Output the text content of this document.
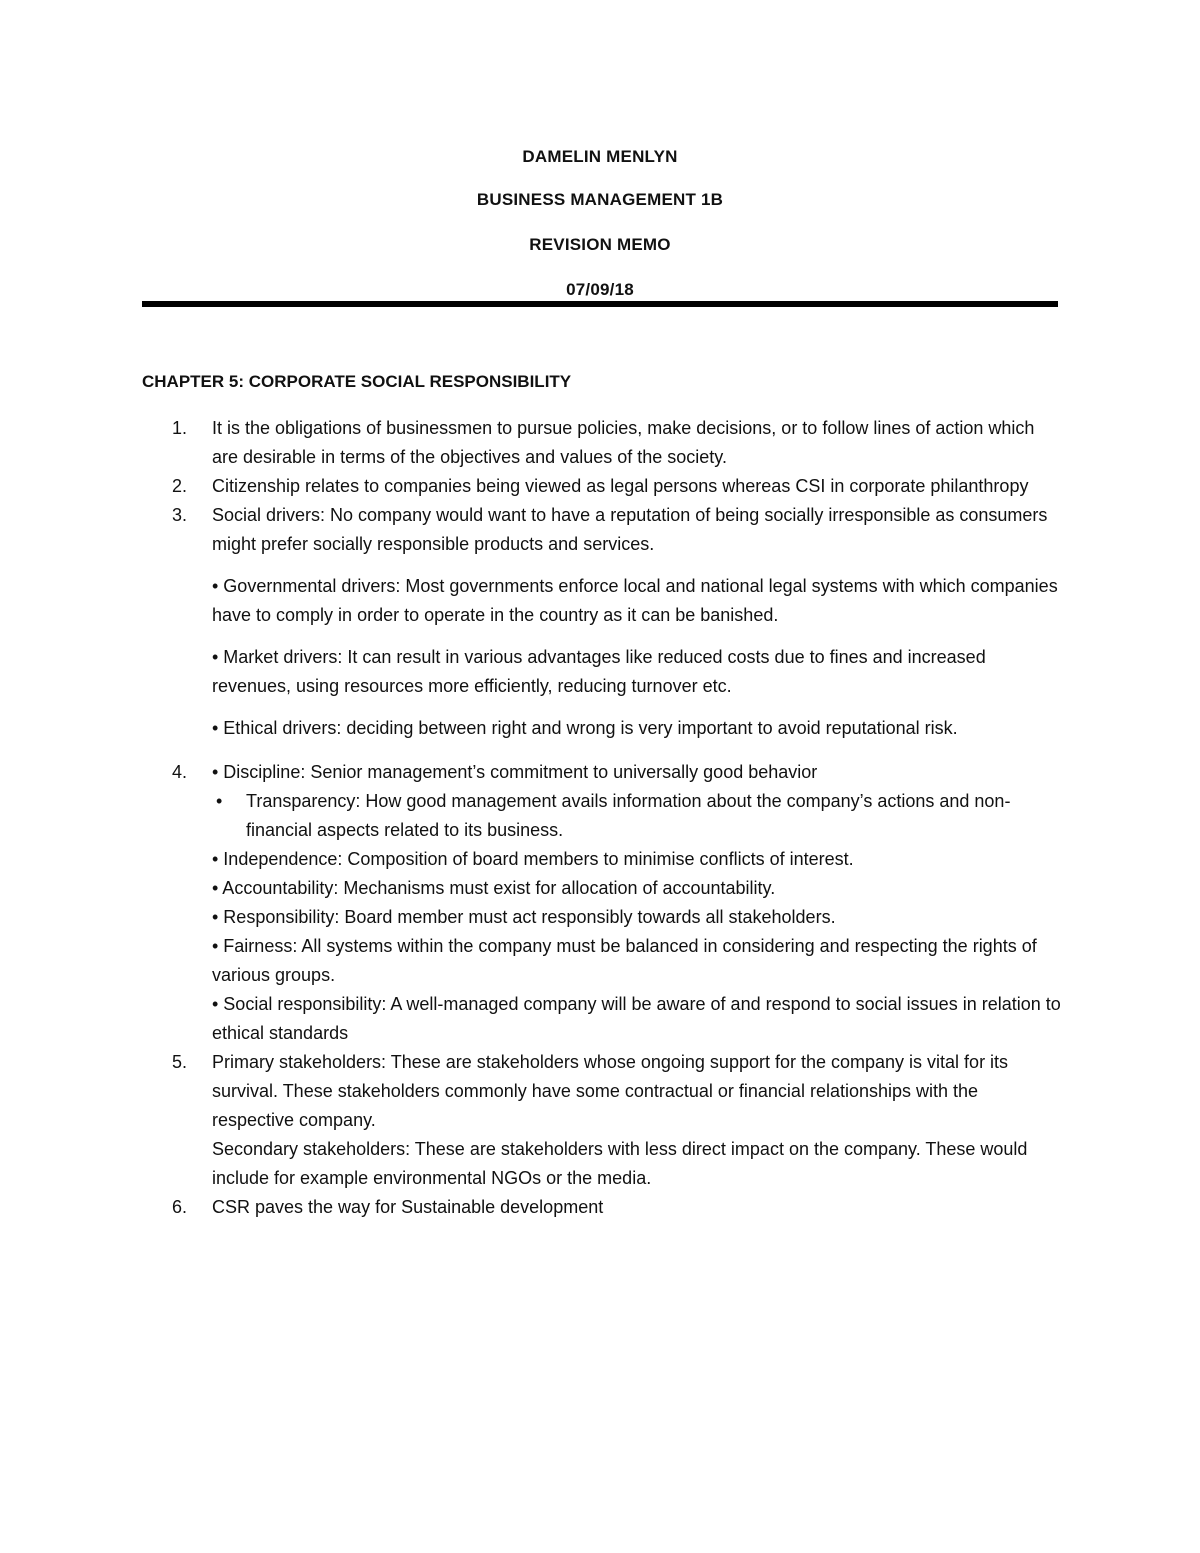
DAMELIN MENLYN
BUSINESS MANAGEMENT 1B
REVISION MEMO
07/09/18
CHAPTER 5: CORPORATE SOCIAL RESPONSIBILITY
1. It is the obligations of businessmen to pursue policies, make decisions, or to follow lines of action which are desirable in terms of the objectives and values of the society.
2. Citizenship relates to companies being viewed as legal persons whereas CSI in corporate philanthropy
3. Social drivers: No company would want to have a reputation of being socially irresponsible as consumers might prefer socially responsible products and services.
• Governmental drivers: Most governments enforce local and national legal systems with which companies have to comply in order to operate in the country as it can be banished.
• Market drivers: It can result in various advantages like reduced costs due to fines and increased revenues, using resources more efficiently, reducing turnover etc.
• Ethical drivers: deciding between right and wrong is very important to avoid reputational risk.
4. • Discipline: Senior management’s commitment to universally good behavior
• Transparency: How good management avails information about the company’s actions and non-financial aspects related to its business.
• Independence: Composition of board members to minimise conflicts of interest.
• Accountability: Mechanisms must exist for allocation of accountability.
• Responsibility: Board member must act responsibly towards all stakeholders.
• Fairness: All systems within the company must be balanced in considering and respecting the rights of various groups.
• Social responsibility: A well-managed company will be aware of and respond to social issues in relation to ethical standards
5. Primary stakeholders: These are stakeholders whose ongoing support for the company is vital for its survival. These stakeholders commonly have some contractual or financial relationships with the respective company.
Secondary stakeholders: These are stakeholders with less direct impact on the company. These would include for example environmental NGOs or the media.
6. CSR paves the way for Sustainable development
